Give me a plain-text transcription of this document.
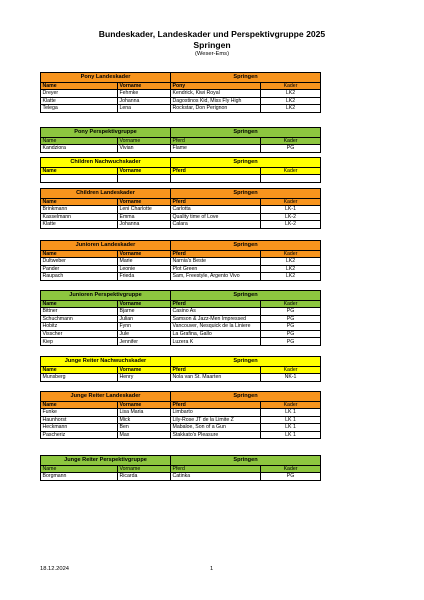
Bundeskader, Landeskader und Perspektivgruppe 2025
Springen
(Weser-Ems)
Pony Landeskader		Springen	
Name	Vorname	Pony	Kader
Dreyer	Fehmke	Kendrick, Kiwi Royal	LK2
Klatte	Johanna	Dagostinos Kid, Miss Fly High	LK2
Telega	Lena	Rockstar, Don Perignon	LK2
Pony Perspektivgruppe		Springen	
Name	Vorname	Pferd	Kader
Kandziora	Vivian	Flame	PG
Children Nachwuchskader		Springen	
Name	Vorname	Pferd	Kader

Children Landeskader		Springen	
Name	Vorname	Pferd	Kader
Brinkmann	Leni Charlotte	Carlotta	LK-1
Kasselmann	Emma	Quality time of Love	LK-2
Klatte	Johanna	Calara	LK-2
Junioren Landeskader		Springen	
Name	Vorname	Pferd	Kader
Dultweber	Marie	Narnia's Beste	LK2
Pander	Leonie	Plot Green	LK2
Raupach	Frieda	Sam, Freestyle, Argento Vivo	LK2
Junioren Perspektivgruppe		Springen	
Name	Vorname	Pferd	Kader
Bittner	Bjarne	Casino As	PG
Schuchmann	Julian	Samson & Jazz-Men Impressed	PG
Hobitz	Fynn	Vancouver, Nesquick de la Liniere	PG
Visscher	Jule	La Grafina, Gallo	PG
Kiep	Jennifer	Luzera K	PG
Junge Reiter Nachwuchskader		Springen	
Name	Vorname	Pferd	Kader
Munsberg	Henry	Nola van St. Maarten	NK-1
Junge Reiter Landeskader		Springen	
Name	Vorname	Pferd	Kader
Funke	Lisa Maria	Limbarto	LK 1
Haunhorst	Mick	Lily-Rose JT de la Limite Z	LK 1
Heckmann	Ben	Mabaloe, Son of a Gun	LK 1
Pascheriz	Max	Stakkato's Pleasure	LK 1
Junge Reiter Perspektivgruppe		Springen	
Name	Vorname	Pferd	Kader
Borgmann	Ricarda	Catinka	PG
18.12.2024	1
